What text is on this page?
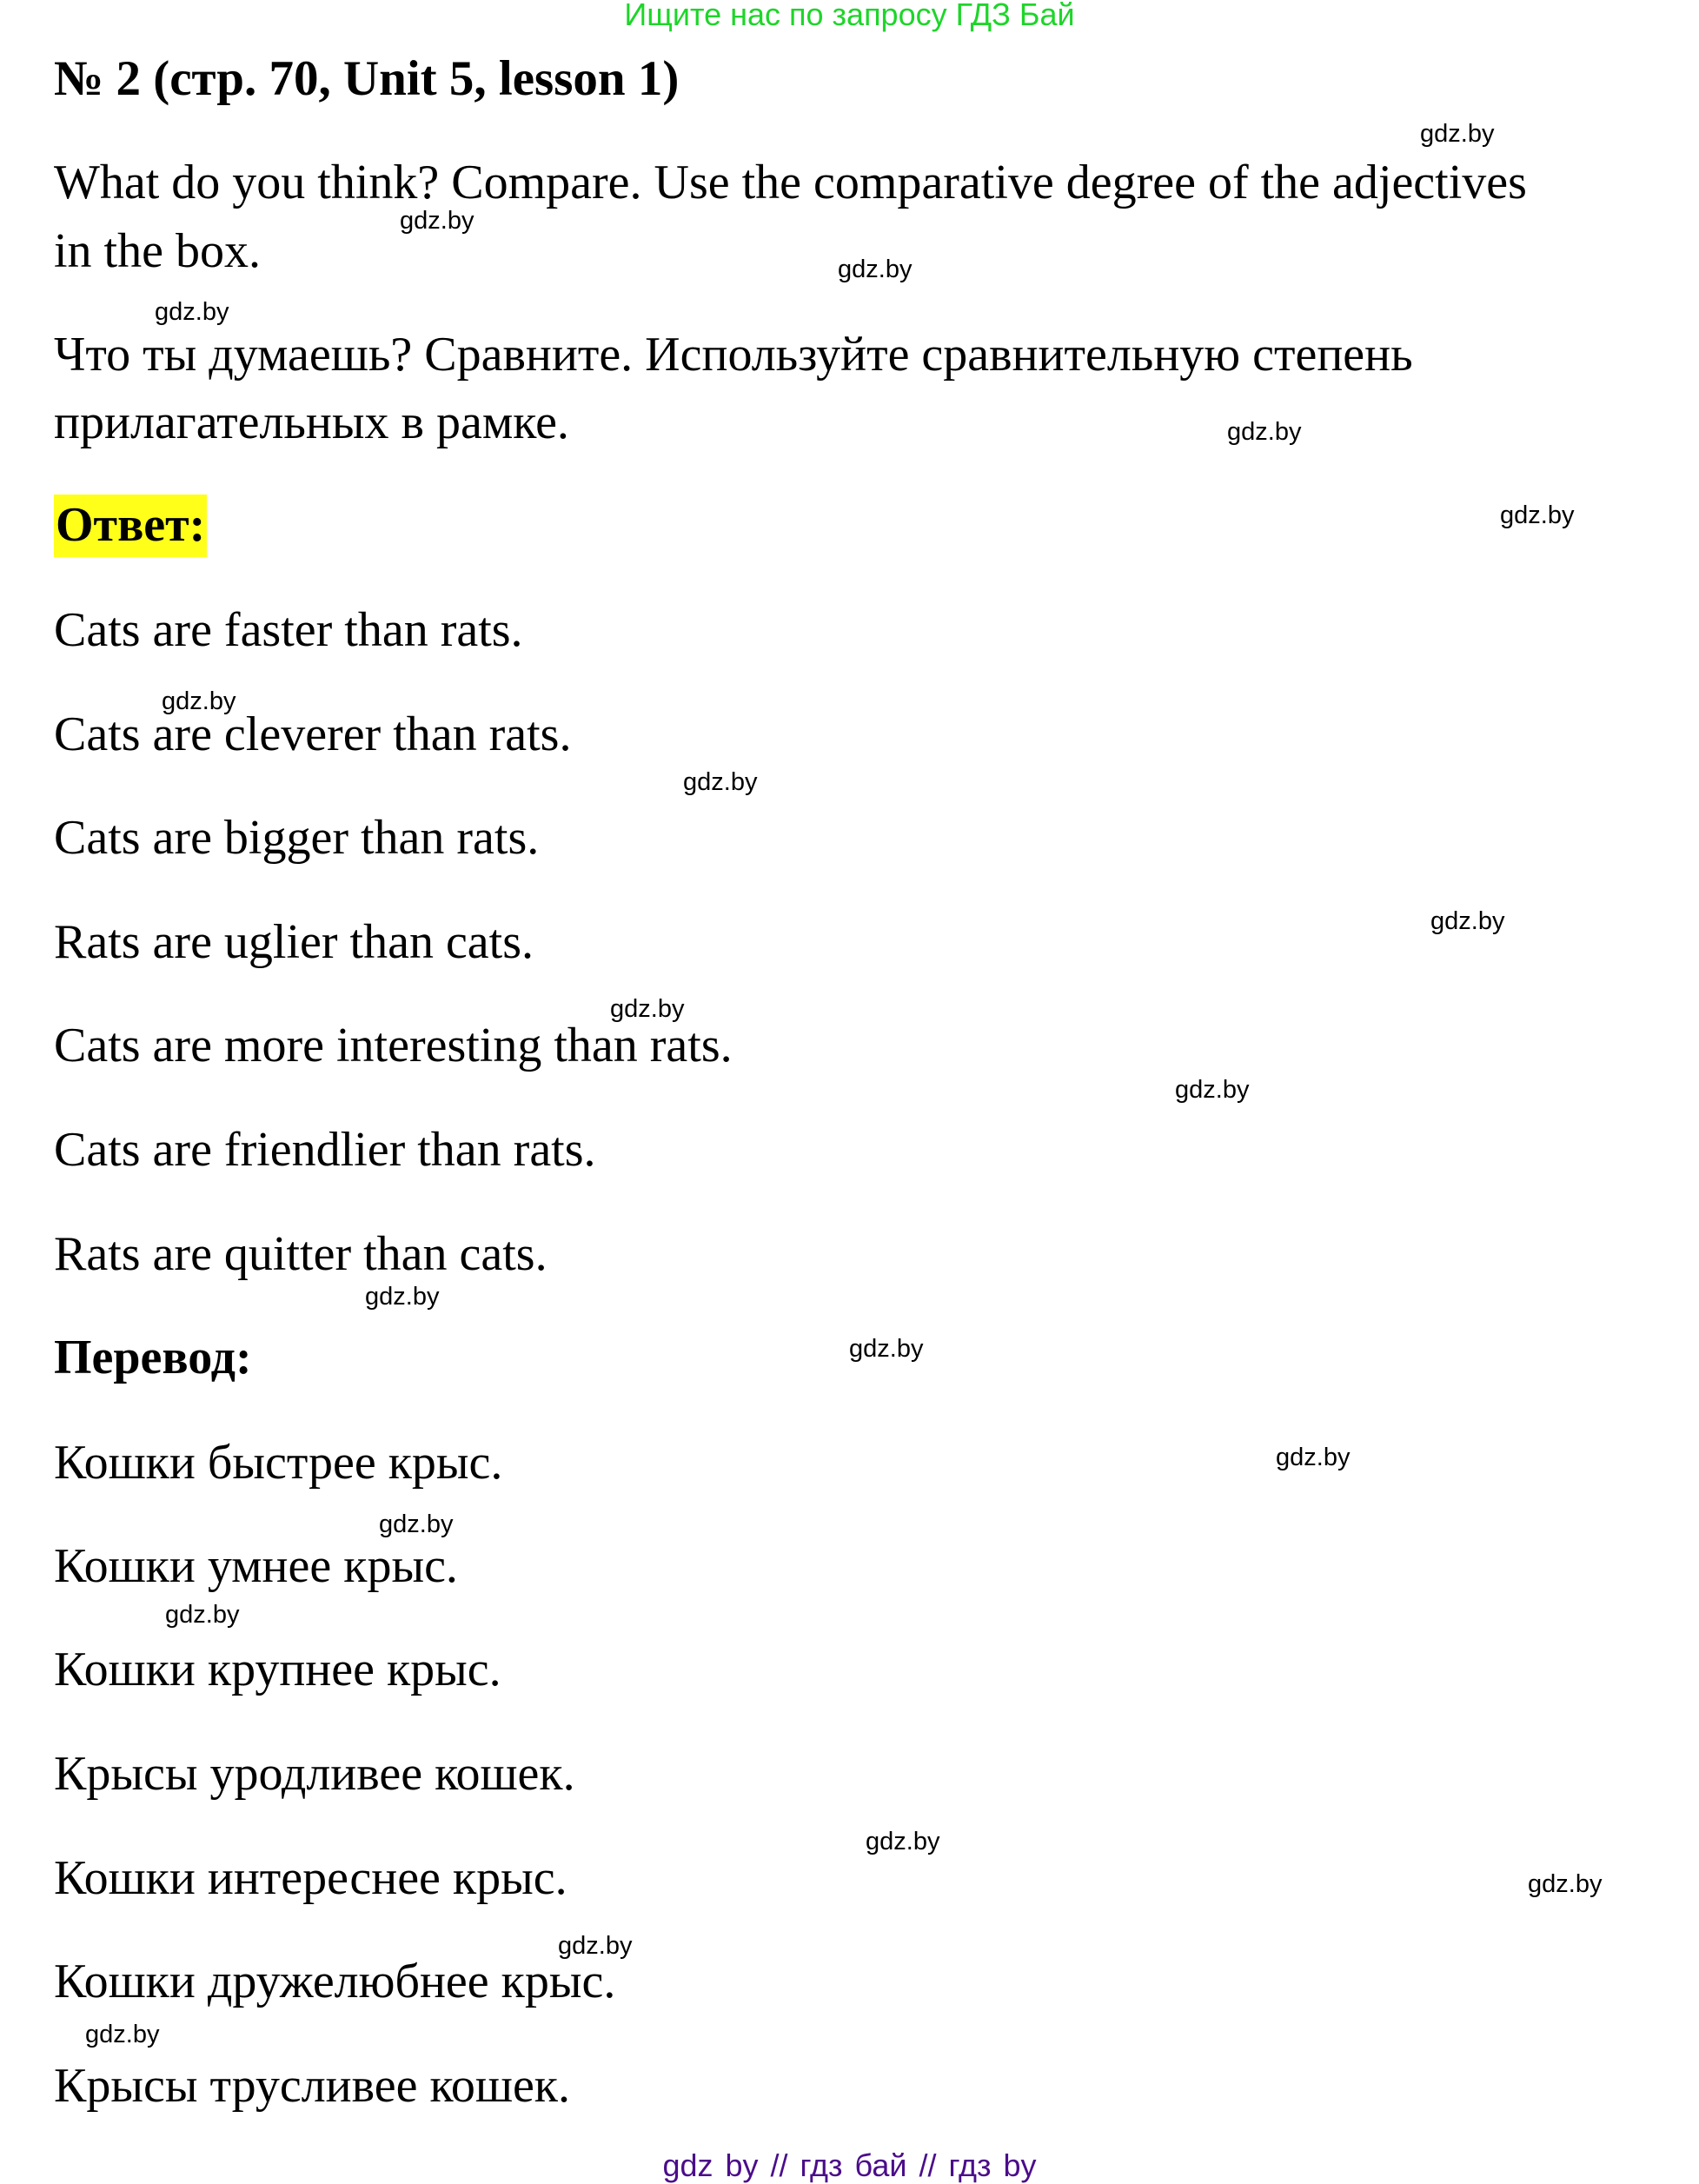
Ищите нас по запросу ГДЗ Бай
№ 2 (стр. 70, Unit 5, lesson 1)
What do you think? Compare. Use the comparative degree of the adjectives
in the box.
Что ты думаешь? Сравните. Используйте сравнительную степень
прилагательных в рамке.
Ответ:
Cats are faster than rats.
Cats are cleverer than rats.
Cats are bigger than rats.
Rats are uglier than cats.
Cats are more interesting than rats.
Cats are friendlier than rats.
Rats are quitter than cats.
Перевод:
Кошки быстрее крыс.
Кошки умнее крыс.
Кошки крупнее крыс.
Крысы уродливее кошек.
Кошки интереснее крыс.
Кошки дружелюбнее крыс.
Крысы трусливее кошек.
gdz.by
gdz.by
gdz.by
gdz.by
gdz.by
gdz.by
gdz.by
gdz.by
gdz.by
gdz.by
gdz.by
gdz.by
gdz.by
gdz.by
gdz.by
gdz.by
gdz.by
gdz.by
gdz.by
gdz.by
gdz by // гдз бай // гдз by
